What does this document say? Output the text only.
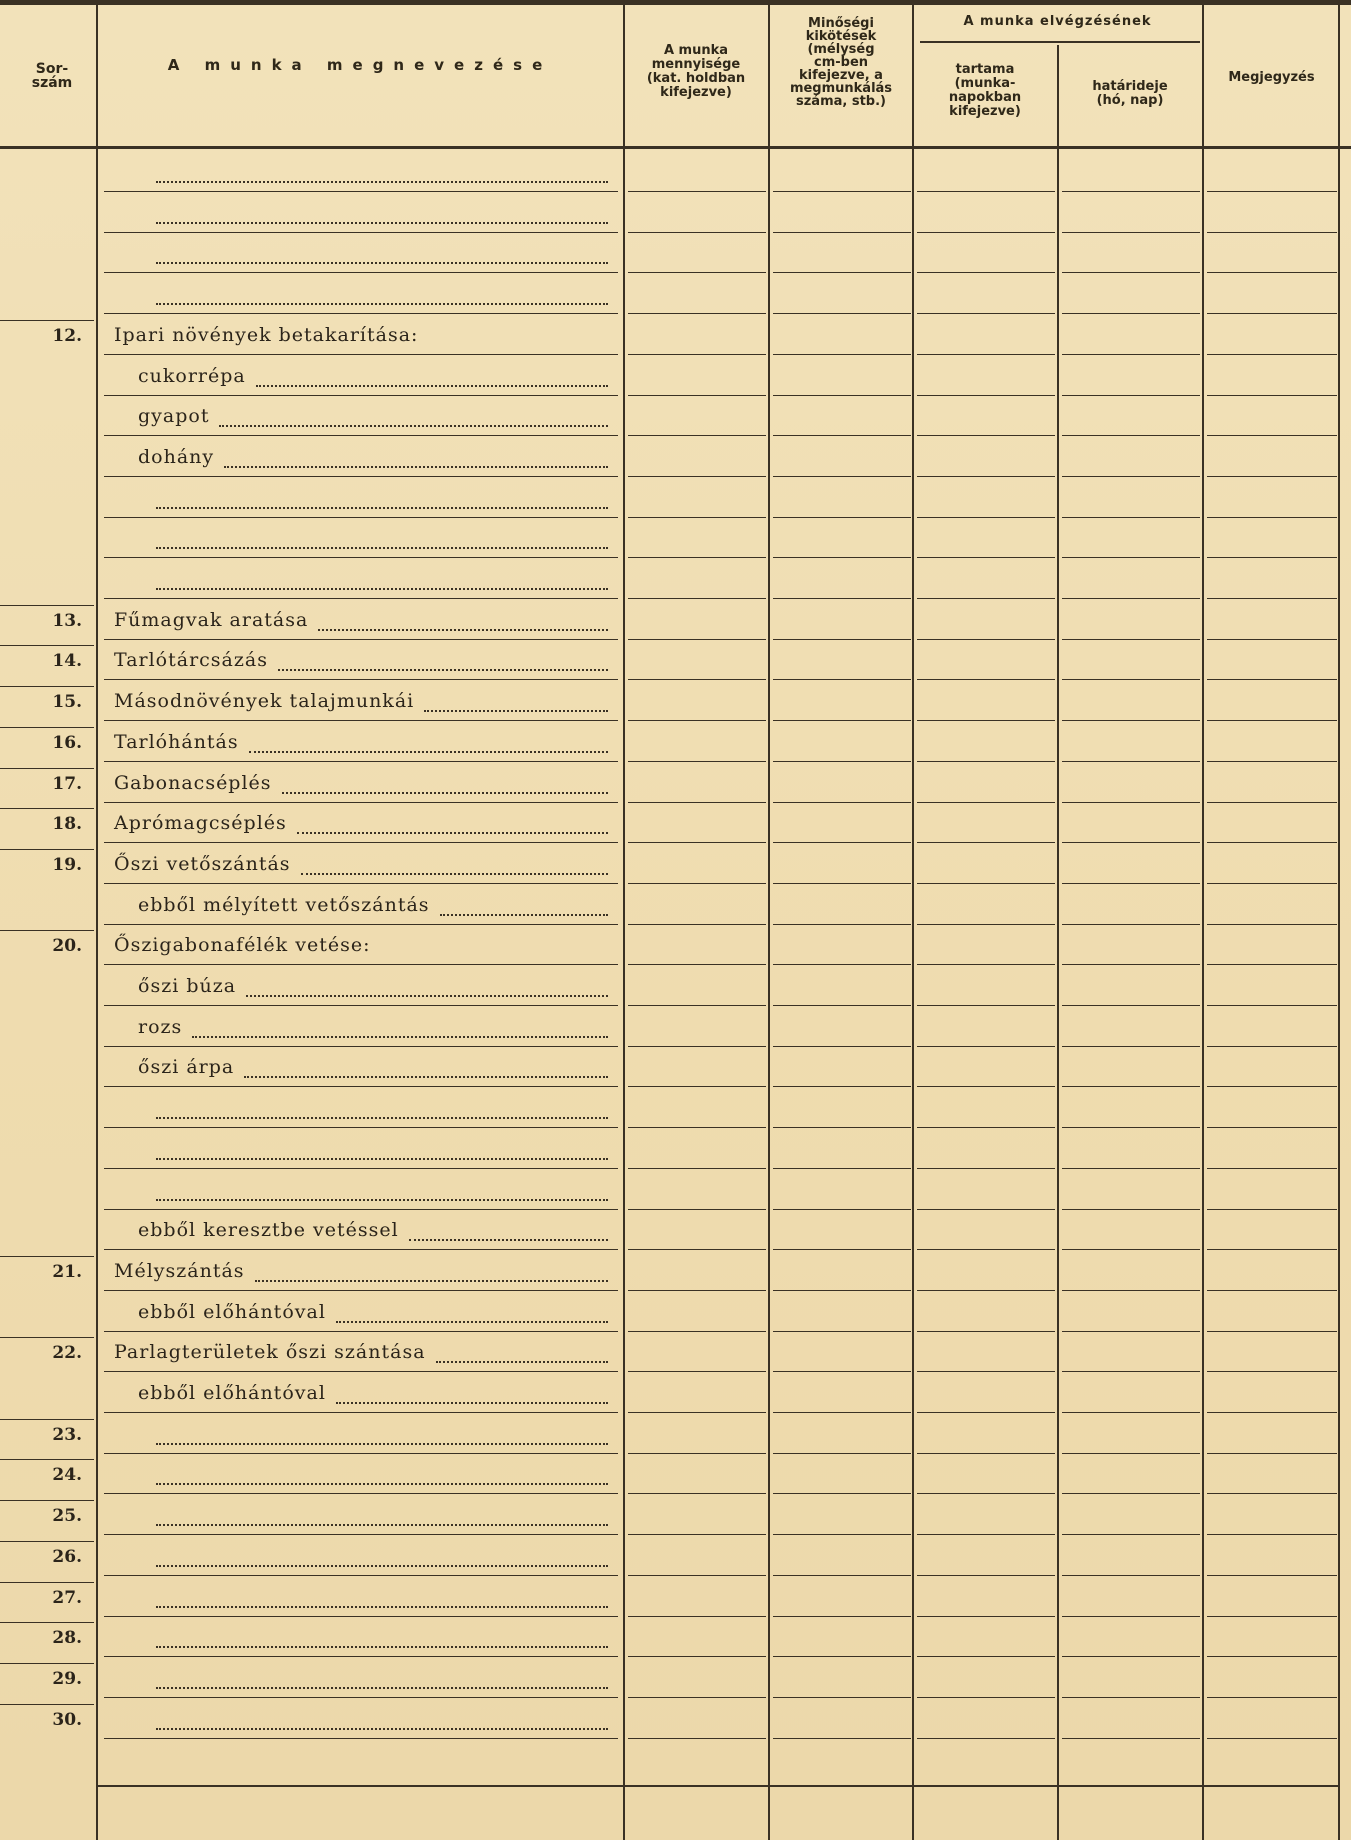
Sor-
szám
A munka megnevezése
A munka
mennyisége
(kat. holdban
kifejezve)
Minőségi
kikötések
(mélység
cm-ben
kifejezve, a
megmunkálás
száma, stb.)
A munka elvégzésének
tartama
(munka-
napokban
kifejezve)
határideje
(hó, nap)
Megjegyzés
12. Ipari növények betakarítása:
cukorrépa
gyapot
dohány
13. Fűmagvak aratása
14. Tarlótárcsázás
15. Másodnövények talajmunkái
16. Tarlóhántás
17. Gabonacséplés
18. Aprómagcséplés
19. Őszi vetőszántás
ebből mélyített vetőszántás
20. Őszigabonafélék vetése:
őszi búza
rozs
őszi árpa
ebből keresztbe vetéssel
21. Mélyszántás
ebből előhántóval
22. Parlagterületek őszi szántása
ebből előhántóval
23.
24.
25.
26.
27.
28.
29.
30.
